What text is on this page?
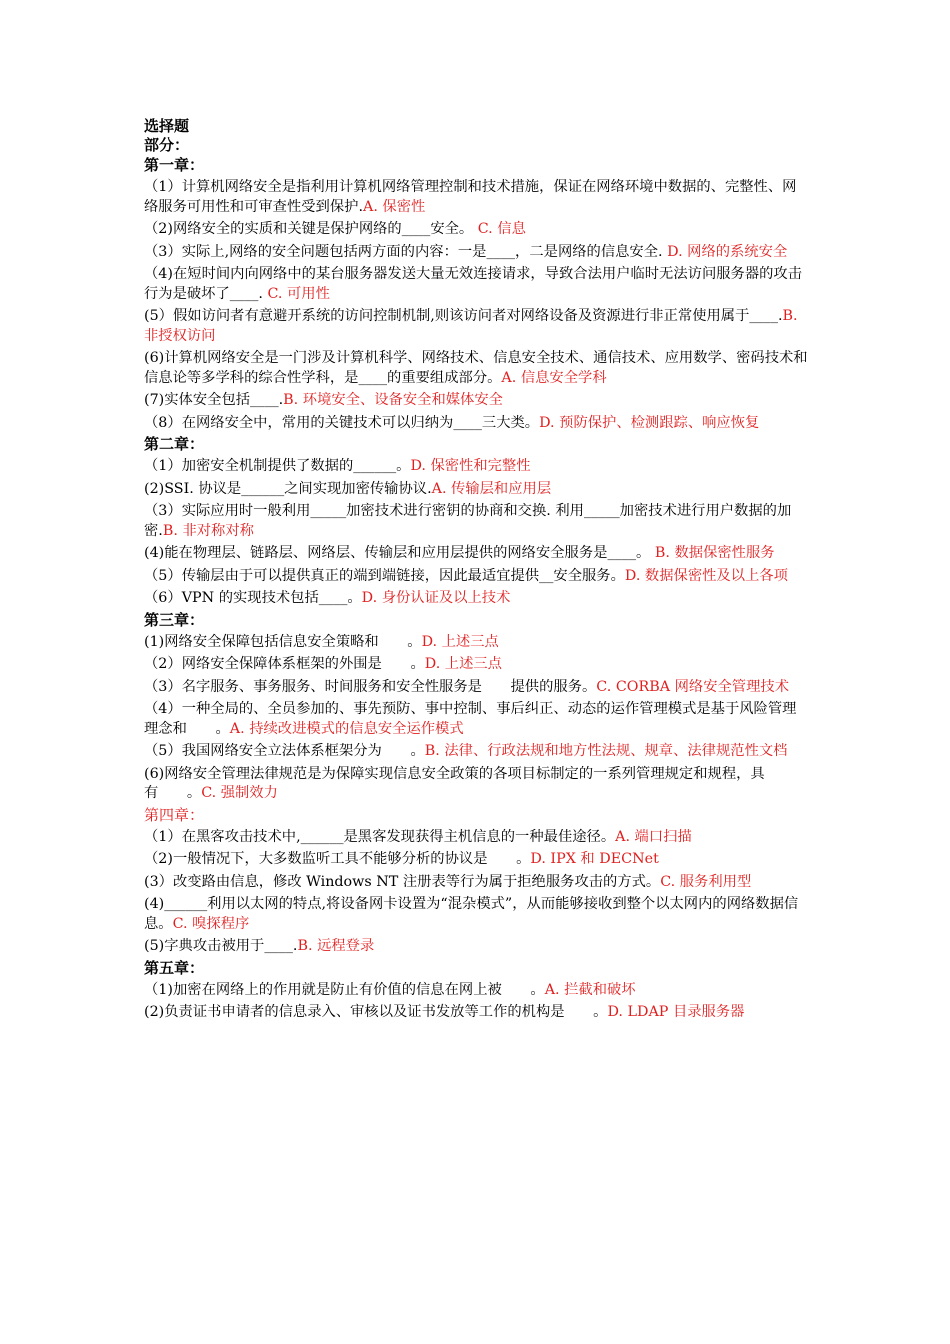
选择题
部分：
第一章：
（1）计算机网络安全是指利用计算机网络管理控制和技术措施，保证在网络环境中数据的、完整性、网络服务可用性和可审查性受到保护.A. 保密性
（2)网络安全的实质和关键是保护网络的____安全。 C. 信息
（3）实际上,网络的安全问题包括两方面的内容：一是____，二是网络的信息安全. D. 网络的系统安全
（4)在短时间内向网络中的某台服务器发送大量无效连接请求，导致合法用户临时无法访问服务器的攻击行为是破坏了____. C. 可用性
(5）假如访问者有意避开系统的访问控制机制,则该访问者对网络设备及资源进行非正常使用属于____.B. 非授权访问
(6)计算机网络安全是一门涉及计算机科学、网络技术、信息安全技术、通信技术、应用数学、密码技术和信息论等多学科的综合性学科，是____的重要组成部分。A. 信息安全学科
(7)实体安全包括____.B. 环境安全、设备安全和媒体安全
（8）在网络安全中，常用的关键技术可以归纳为____三大类。D. 预防保护、检测跟踪、响应恢复
第二章：
（1）加密安全机制提供了数据的______。D. 保密性和完整性
(2)SSI. 协议是______之间实现加密传输协议.A. 传输层和应用层
（3）实际应用时一般利用_____加密技术进行密钥的协商和交换. 利用_____加密技术进行用户数据的加密.B. 非对称对称
(4)能在物理层、链路层、网络层、传输层和应用层提供的网络安全服务是____。 B. 数据保密性服务
（5）传输层由于可以提供真正的端到端链接，因此最适宜提供__安全服务。D. 数据保密性及以上各项
（6）VPN 的实现技术包括____。D. 身份认证及以上技术
第三章：
(1)网络安全保障包括信息安全策略和　　。D. 上述三点
（2）网络安全保障体系框架的外围是　　。D. 上述三点
（3）名字服务、事务服务、时间服务和安全性服务是　　提供的服务。C. CORBA 网络安全管理技术
（4）一种全局的、全员参加的、事先预防、事中控制、事后纠正、动态的运作管理模式是基于风险管理理念和　　。A. 持续改进模式的信息安全运作模式
（5）我国网络安全立法体系框架分为　　。B. 法律、行政法规和地方性法规、规章、法律规范性文档
(6)网络安全管理法律规范是为保障实现信息安全政策的各项目标制定的一系列管理规定和规程，具有　　。C. 强制效力
第四章：
（1）在黑客攻击技术中,______是黑客发现获得主机信息的一种最佳途径。A. 端口扫描
（2)一般情况下，大多数监听工具不能够分析的协议是　　。D. IPX 和 DECNet
(3）改变路由信息，修改 Windows NT 注册表等行为属于拒绝服务攻击的方式。C. 服务利用型
(4)______利用以太网的特点,将设备网卡设置为“混杂模式”，从而能够接收到整个以太网内的网络数据信息。C. 嗅探程序
(5)字典攻击被用于____.B. 远程登录
第五章：
（1)加密在网络上的作用就是防止有价值的信息在网上被　　。A. 拦截和破坏
(2)负责证书申请者的信息录入、审核以及证书发放等工作的机构是　　。D. LDAP 目录服务器
